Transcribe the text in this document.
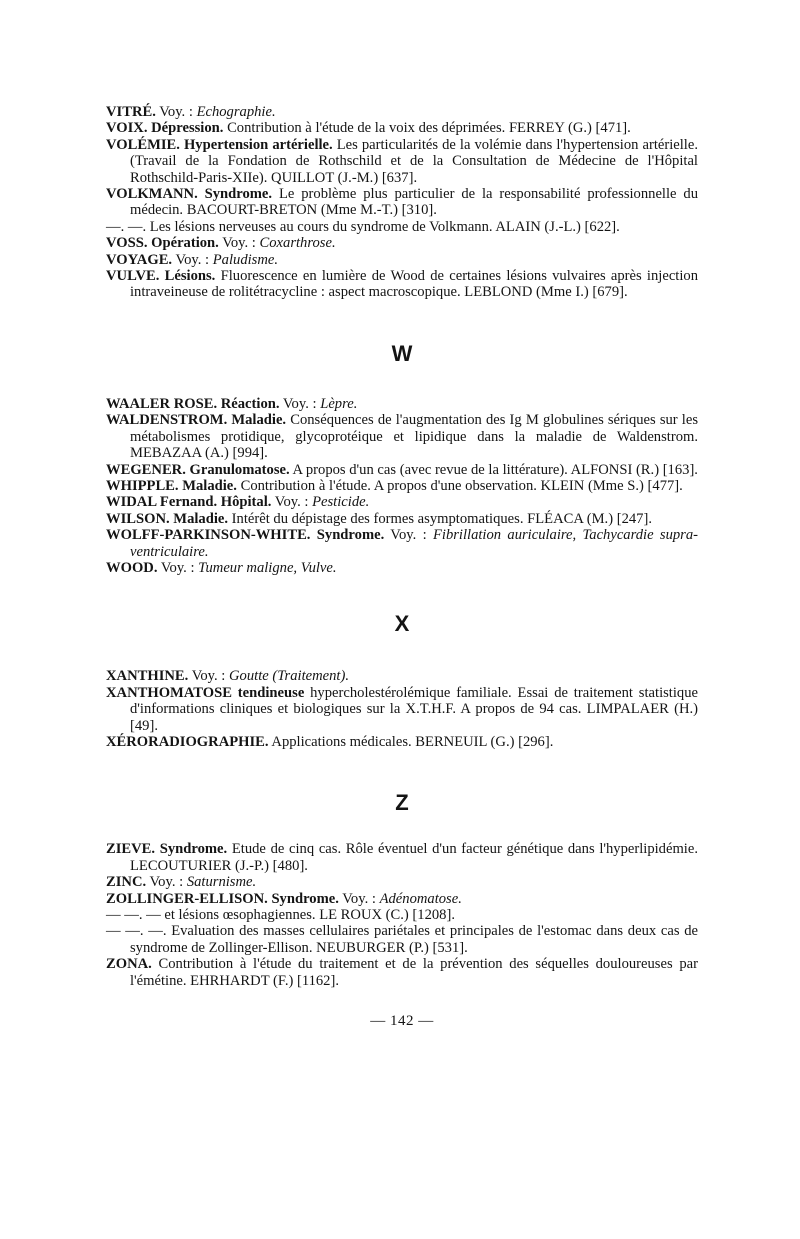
VITRÉ. Voy. : Echographie.

VOIX. Dépression. Contribution à l'étude de la voix des déprimées. FERREY (G.) [471].

VOLÉMIE. Hypertension artérielle. Les particularités de la volémie dans l'hypertension artérielle. (Travail de la Fondation de Rothschild et de la Consultation de Médecine de l'Hôpital Rothschild-Paris-XIIe). QUILLOT (J.-M.) [637].

VOLKMANN. Syndrome. Le problème plus particulier de la responsabilité professionnelle du médecin. BACOURT-BRETON (Mme M.-T.) [310].

—. —. Les lésions nerveuses au cours du syndrome de Volkmann. ALAIN (J.-L.) [622].

VOSS. Opération. Voy. : Coxarthrose.

VOYAGE. Voy. : Paludisme.

VULVE. Lésions. Fluorescence en lumière de Wood de certaines lésions vulvaires après injection intraveineuse de rolitétracycline : aspect macroscopique. LEBLOND (Mme I.) [679].

W

WAALER ROSE. Réaction. Voy. : Lèpre.

WALDENSTROM. Maladie. Conséquences de l'augmentation des Ig M globulines sériques sur les métabolismes protidique, glycoprotéique et lipidique dans la maladie de Waldenstrom. MEBAZAA (A.) [994].

WEGENER. Granulomatose. A propos d'un cas (avec revue de la littérature). ALFONSI (R.) [163].

WHIPPLE. Maladie. Contribution à l'étude. A propos d'une observation. KLEIN (Mme S.) [477].

WIDAL Fernand. Hôpital. Voy. : Pesticide.

WILSON. Maladie. Intérêt du dépistage des formes asymptomatiques. FLÉACA (M.) [247].

WOLFF-PARKINSON-WHITE. Syndrome. Voy. : Fibrillation auriculaire, Tachycardie supra-ventriculaire.

WOOD. Voy. : Tumeur maligne, Vulve.

X

XANTHINE. Voy. : Goutte (Traitement).

XANTHOMATOSE tendineuse hypercholestérolémique familiale. Essai de traitement statistique d'informations cliniques et biologiques sur la X.T.H.F. A propos de 94 cas. LIMPALAER (H.) [49].

XÉRORADIOGRAPHIE. Applications médicales. BERNEUIL (G.) [296].

Z

ZIEVE. Syndrome. Etude de cinq cas. Rôle éventuel d'un facteur génétique dans l'hyperlipidémie. LECOUTURIER (J.-P.) [480].

ZINC. Voy. : Saturnisme.

ZOLLINGER-ELLISON. Syndrome. Voy. : Adénomatose.

— —. — et lésions œsophagiennes. LE ROUX (C.) [1208].

— —. —. Evaluation des masses cellulaires pariétales et principales de l'estomac dans deux cas de syndrome de Zollinger-Ellison. NEUBURGER (P.) [531].

ZONA. Contribution à l'étude du traitement et de la prévention des séquelles douloureuses par l'émétine. EHRHARDT (F.) [1162].

— 142 —
